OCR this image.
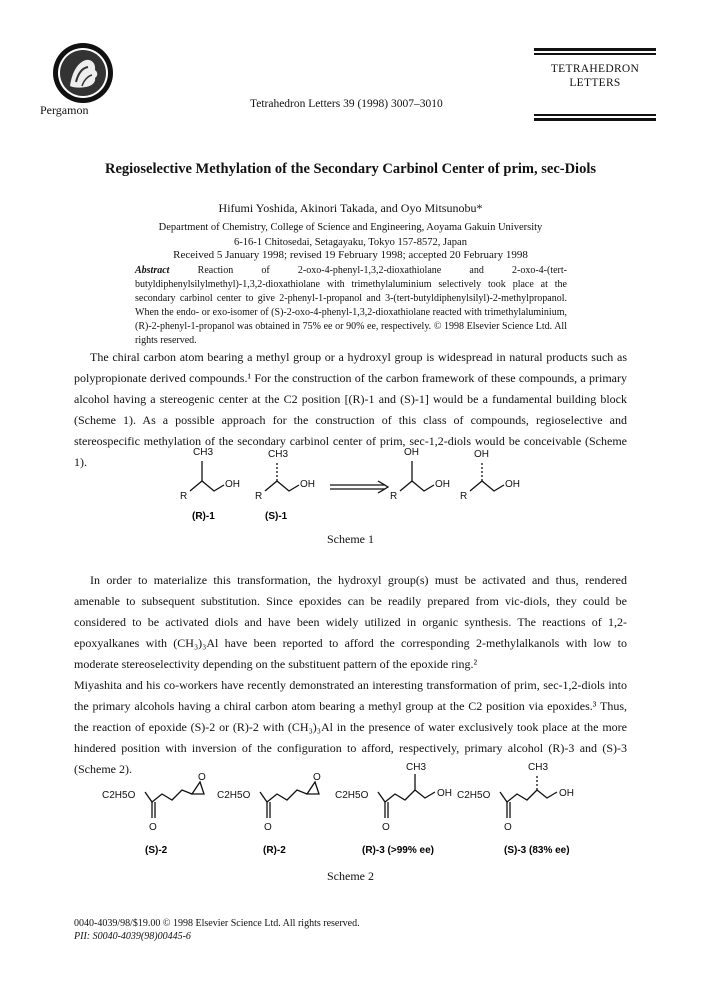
Pergamon	Tetrahedron Letters 39 (1998) 3007–3010
TETRAHEDRON
LETTERS
Regioselective Methylation of the Secondary Carbinol Center of prim, sec-Diols
Hifumi Yoshida, Akinori Takada, and Oyo Mitsunobu*
Department of Chemistry, College of Science and Engineering, Aoyama Gakuin University
6-16-1 Chitosedai, Setagayaku, Tokyo 157-8572, Japan
Received 5 January 1998; revised 19 February 1998; accepted 20 February 1998
Abstract	Reaction of 2-oxo-4-phenyl-1,3,2-dioxathiolane and 2-oxo-4-(tert-butyldiphenylsilylmethyl)-1,3,2-dioxathiolane with trimethylaluminium selectively took place at the secondary carbinol center to give 2-phenyl-1-propanol and 3-(tert-butyldiphenylsilyl)-2-methylpropanol. When the endo- or exo-isomer of (S)-2-oxo-4-phenyl-1,3,2-dioxathiolane reacted with trimethylaluminium, (R)-2-phenyl-1-propanol was obtained in 75% ee or 90% ee, respectively. © 1998 Elsevier Science Ltd. All rights reserved.
The chiral carbon atom bearing a methyl group or a hydroxyl group is widespread in natural products such as polypropionate derived compounds.¹ For the construction of the carbon framework of these compounds, a primary alcohol having a stereogenic center at the C2 position [(R)-1 and (S)-1] would be a fundamental building block (Scheme 1). As a possible approach for the construction of this class of compounds, regioselective and stereospecific methylation of the secondary carbinol center of prim, sec-1,2-diols would be conceivable (Scheme 1).
CH3
OH
R
CH3
OH
R
OH
OH
R
OH
OH
R
(R)-1	(S)-1
Scheme 1
In order to materialize this transformation, the hydroxyl group(s) must be activated and thus, rendered amenable to subsequent substitution. Since epoxides can be readily prepared from vic-diols, they could be considered to be activated diols and have been widely utilized in organic synthesis. The reactions of 1,2-epoxyalkanes with (CH₃)₃Al have been reported to afford the corresponding 2-methylalkanols with low to moderate stereoselectivity depending on the substituent pattern of the epoxide ring.²
Miyashita and his co-workers have recently demonstrated an interesting transformation of prim, sec-1,2-diols into the primary alcohols having a chiral carbon atom bearing a methyl group at the C2 position via epoxides.³ Thus, the reaction of epoxide (S)-2 or (R)-2 with (CH₃)₃Al in the presence of water exclusively took place at the more hindered position with inversion of the configuration to afford, respectively, primary alcohol (R)-3 and (S)-3 (Scheme 2).
C2H5O
O
O
C2H5O
O
O
C2H5O
O
CH3
OH C2H5O
O
CH3
OH
(S)-2	(R)-2	(R)-3 (>99% ee)	(S)-3 (83% ee)
Scheme 2
0040-4039/98/$19.00 © 1998 Elsevier Science Ltd. All rights reserved.
PII: S0040-4039(98)00445-6
